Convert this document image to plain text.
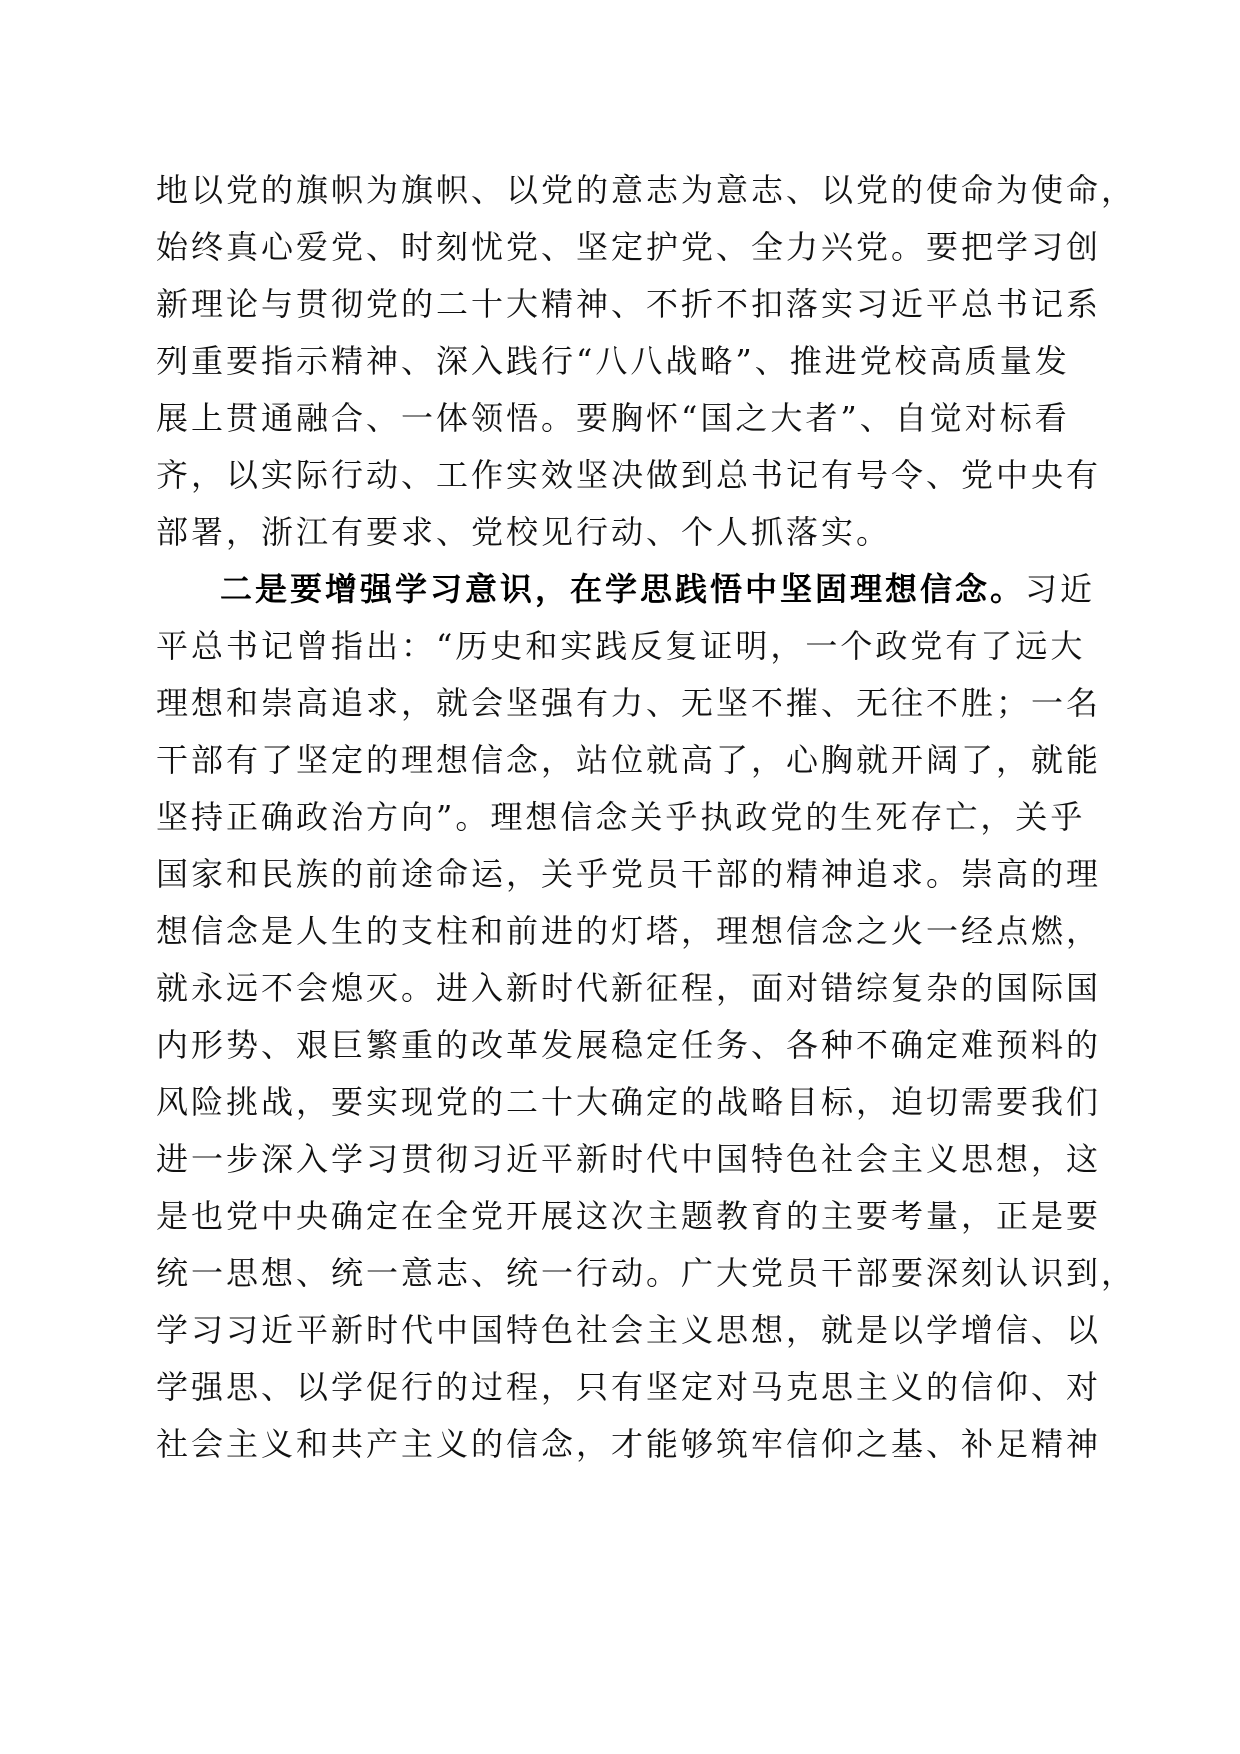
地以党的旗帜为旗帜、以党的意志为意志、以党的使命为使命，
始终真心爱党、时刻忧党、坚定护党、全力兴党。要把学习创
新理论与贯彻党的二十大精神、不折不扣落实习近平总书记系
列重要指示精神、深入践行“八八战略”、推进党校高质量发
展上贯通融合、一体领悟。要胸怀“国之大者”、自觉对标看
齐，以实际行动、工作实效坚决做到总书记有号令、党中央有
部署，浙江有要求、党校见行动、个人抓落实。
二是要增强学习意识，在学思践悟中坚固理想信念。习近
平总书记曾指出：“历史和实践反复证明，一个政党有了远大
理想和崇高追求，就会坚强有力、无坚不摧、无往不胜；一名
干部有了坚定的理想信念，站位就高了，心胸就开阔了，就能
坚持正确政治方向”。理想信念关乎执政党的生死存亡，关乎
国家和民族的前途命运，关乎党员干部的精神追求。崇高的理
想信念是人生的支柱和前进的灯塔，理想信念之火一经点燃，
就永远不会熄灭。进入新时代新征程，面对错综复杂的国际国
内形势、艰巨繁重的改革发展稳定任务、各种不确定难预料的
风险挑战，要实现党的二十大确定的战略目标，迫切需要我们
进一步深入学习贯彻习近平新时代中国特色社会主义思想，这
是也党中央确定在全党开展这次主题教育的主要考量，正是要
统一思想、统一意志、统一行动。广大党员干部要深刻认识到，
学习习近平新时代中国特色社会主义思想，就是以学增信、以
学强思、以学促行的过程，只有坚定对马克思主义的信仰、对
社会主义和共产主义的信念，才能够筑牢信仰之基、补足精神
